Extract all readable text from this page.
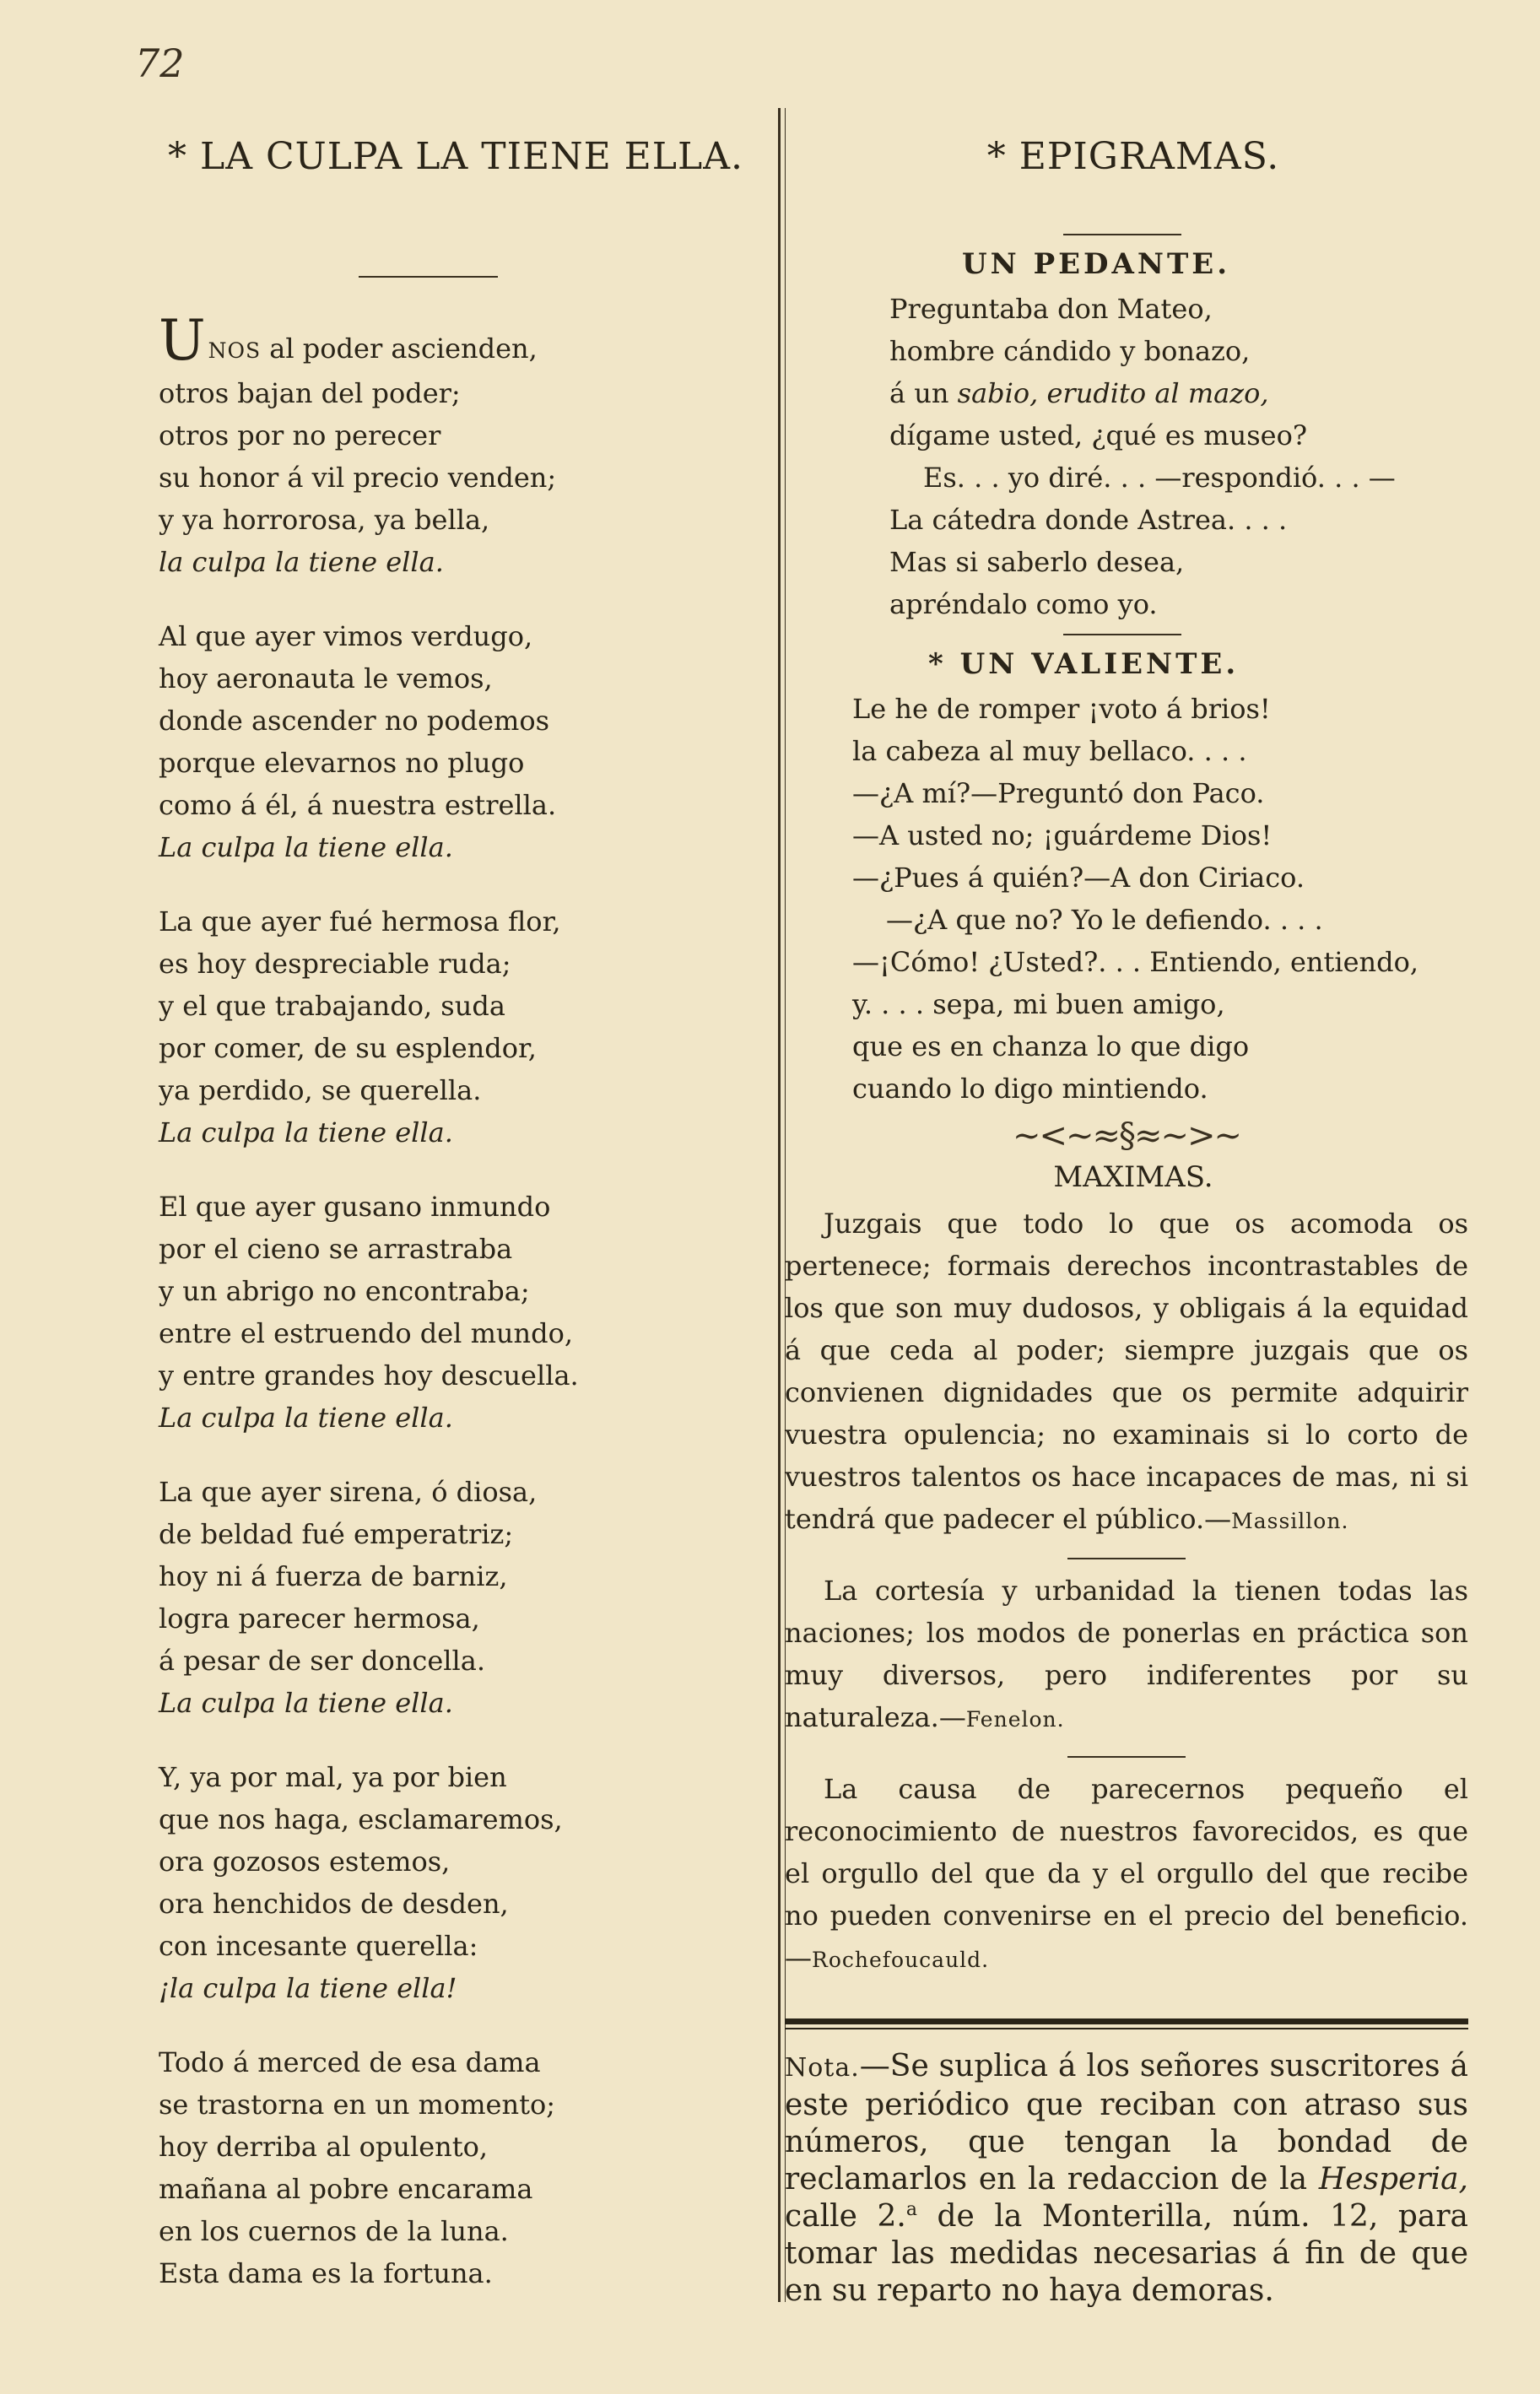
72
* LA CULPA LA TIENE ELLA.
UNOS al poder ascienden,
otros bajan del poder;
otros por no perecer
su honor á vil precio venden;
y ya horrorosa, ya bella,
la culpa la tiene ella.
Al que ayer vimos verdugo,
hoy aeronauta le vemos,
donde ascender no podemos
porque elevarnos no plugo
como á él, á nuestra estrella.
La culpa la tiene ella.
La que ayer fué hermosa flor,
es hoy despreciable ruda;
y el que trabajando, suda
por comer, de su esplendor,
ya perdido, se querella.
La culpa la tiene ella.
El que ayer gusano inmundo
por el cieno se arrastraba
y un abrigo no encontraba;
entre el estruendo del mundo,
y entre grandes hoy descuella.
La culpa la tiene ella.
La que ayer sirena, ó diosa,
de beldad fué emperatriz;
hoy ni á fuerza de barniz,
logra parecer hermosa,
á pesar de ser doncella.
La culpa la tiene ella.
Y, ya por mal, ya por bien
que nos haga, esclamaremos,
ora gozosos estemos,
ora henchidos de desden,
con incesante querella:
¡la culpa la tiene ella!
Todo á merced de esa dama
se trastorna en un momento;
hoy derriba al opulento,
mañana al pobre encarama
en los cuernos de la luna.
Esta dama es la fortuna.
* EPIGRAMAS.
UN PEDANTE.
Preguntaba don Mateo,
hombre cándido y bonazo,
á un sabio, erudito al mazo,
dígame usted, ¿qué es museo?
Es. . . yo diré. . . —respondió. . . —
La cátedra donde Astrea. . . .
Mas si saberlo desea,
apréndalo como yo.
* UN VALIENTE.
Le he de romper ¡voto á brios!
la cabeza al muy bellaco. . . .
—¿A mí?—Preguntó don Paco.
—A usted no; ¡guárdeme Dios!
—¿Pues á quién?—A don Ciriaco.
—¿A que no? Yo le defiendo. . . .
—¡Cómo! ¿Usted?. . . Entiendo, entiendo,
y. . . . sepa, mi buen amigo,
que es en chanza lo que digo
cuando lo digo mintiendo.
~<~≈§≈~>~
MAXIMAS.

Juzgais que todo lo que os acomoda os pertenece; formais derechos incontrastables de los que son muy dudosos, y obligais á la equidad á que ceda al poder; siempre juzgais que os convienen dignidades que os permite adquirir vuestra opulencia; no examinais si lo corto de vuestros talentos os hace incapaces de mas, ni si tendrá que padecer el público.—Massillon.

La cortesía y urbanidad la tienen todas las naciones; los modos de ponerlas en práctica son muy diversos, pero indiferentes por su naturaleza.—Fenelon.

La causa de parecernos pequeño el reconocimiento de nuestros favorecidos, es que el orgullo del que da y el orgullo del que recibe no pueden convenirse en el precio del beneficio.—Rochefoucauld.

Nota.—Se suplica á los señores suscritores á este periódico que reciban con atraso sus números, que tengan la bondad de reclamarlos en la redaccion de la Hesperia, calle 2.$^a$ de la Monterilla, núm. 12, para tomar las medidas necesarias á fin de que en su reparto no haya demoras.
